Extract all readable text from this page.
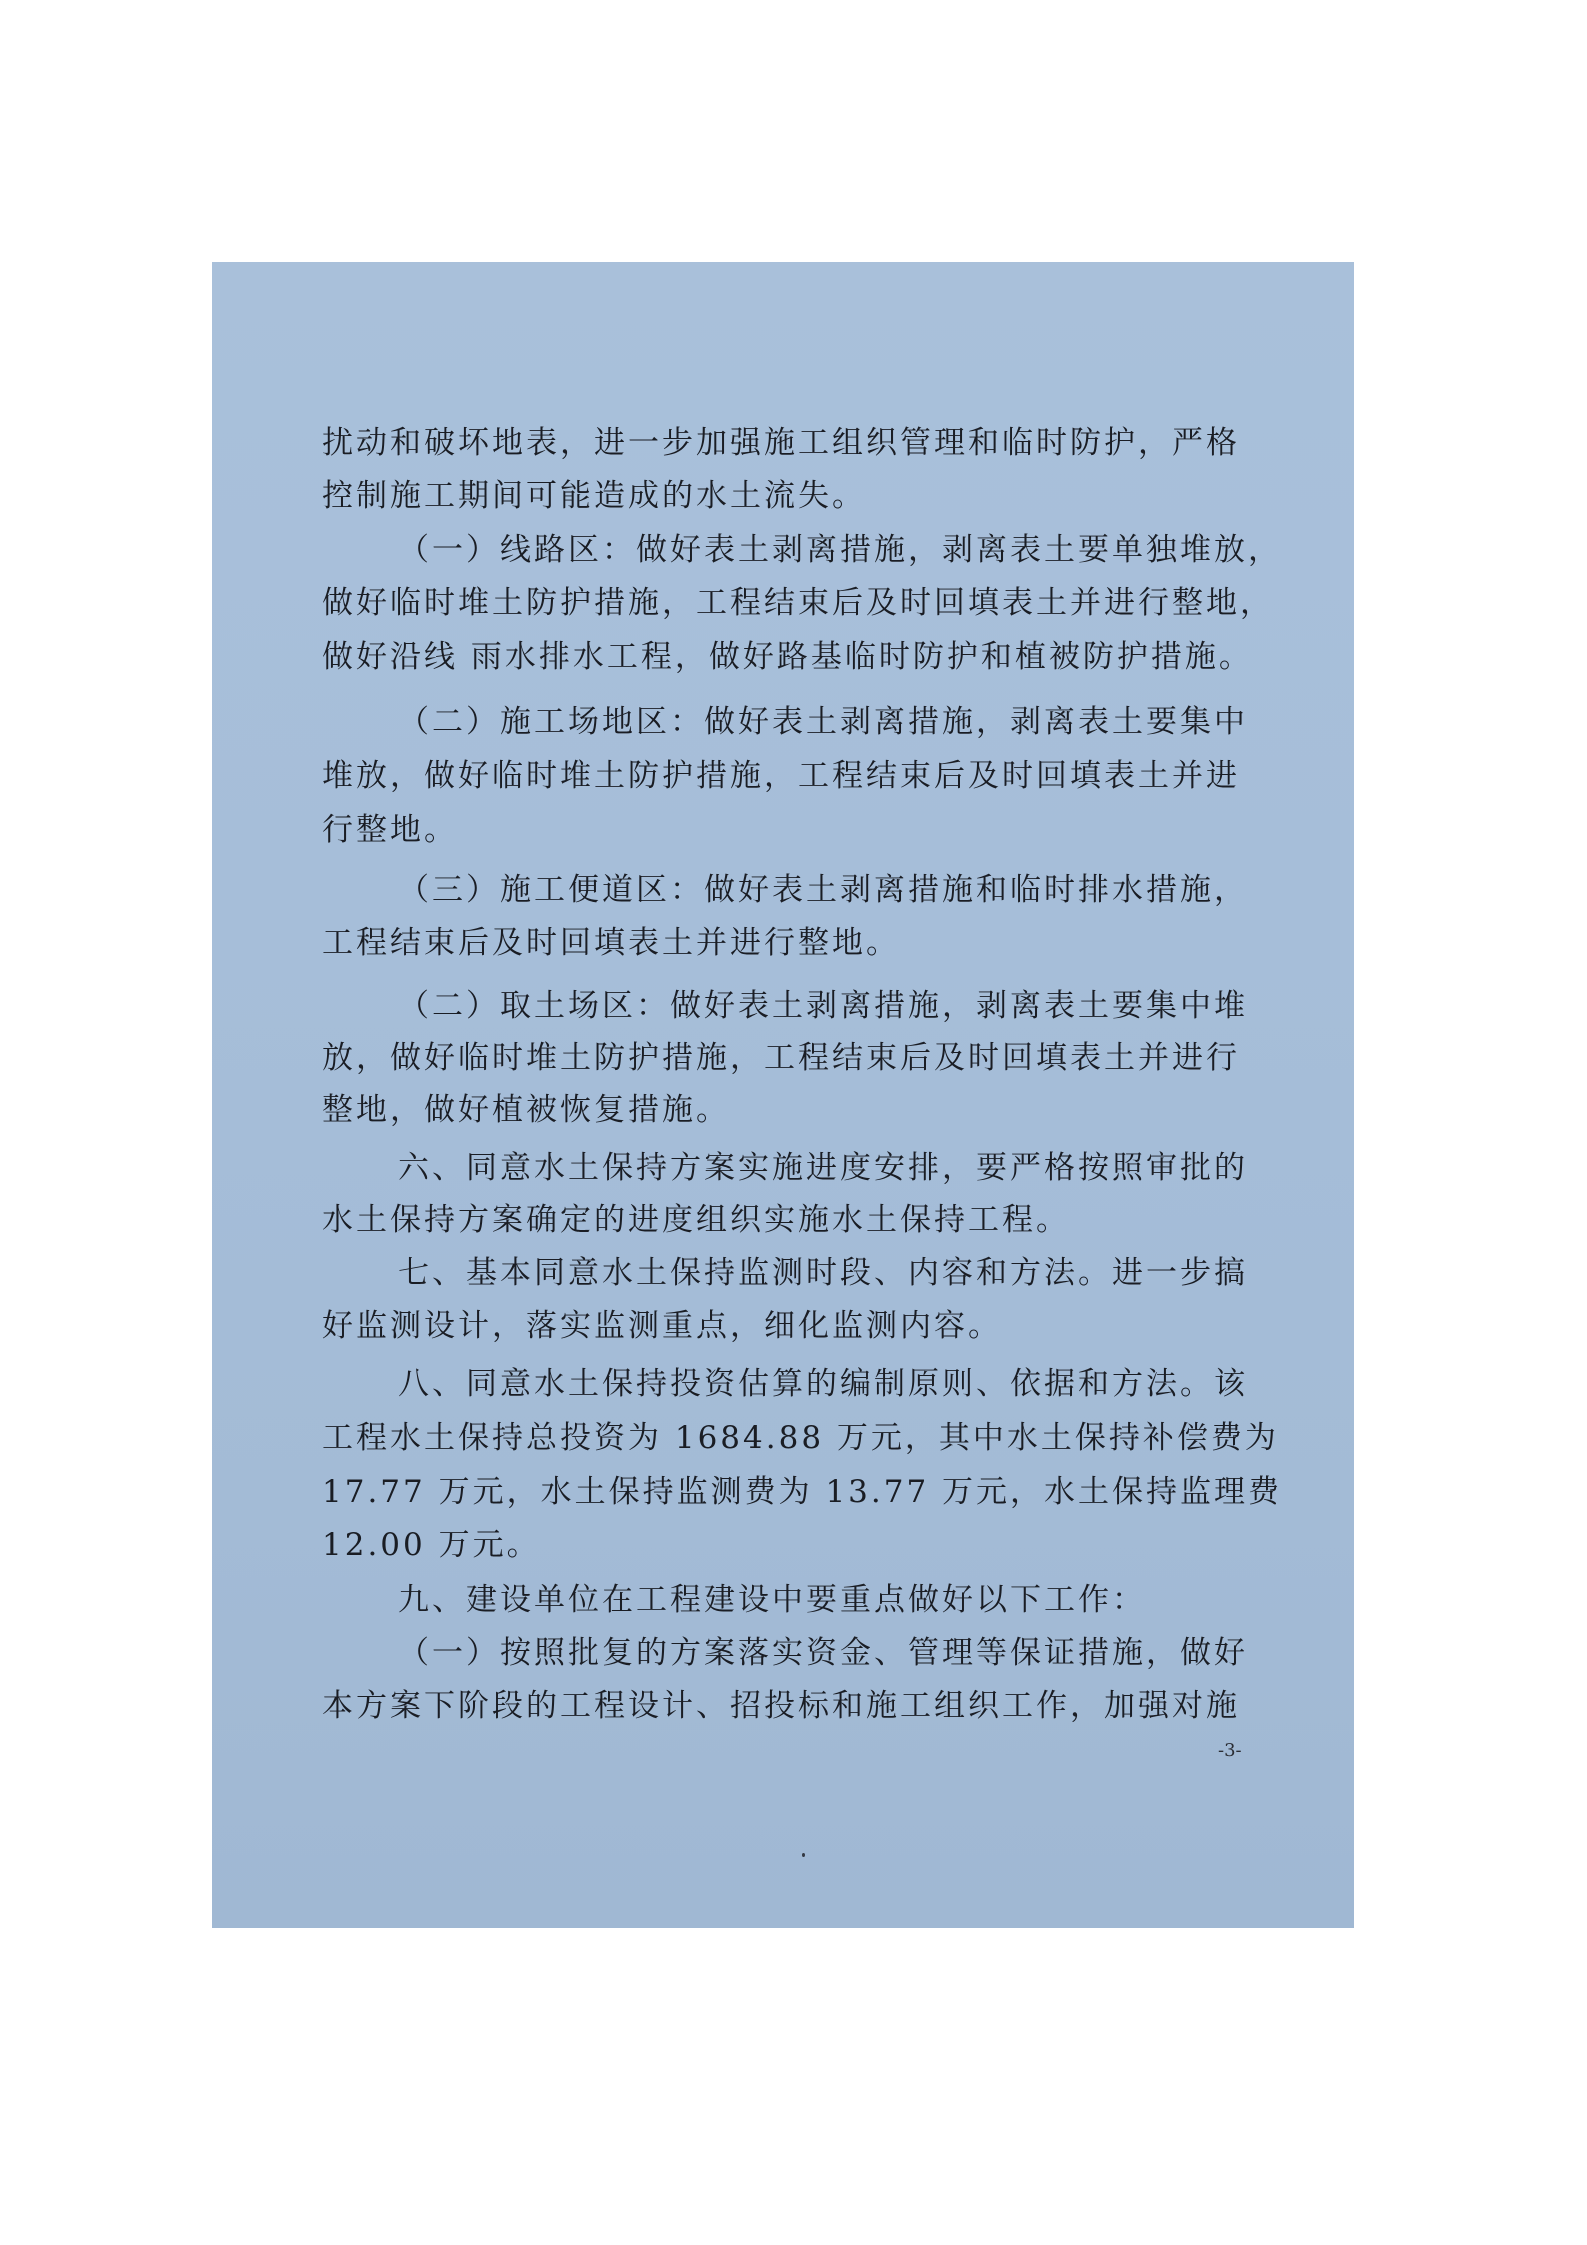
扰动和破坏地表，进一步加强施工组织管理和临时防护，严格
控制施工期间可能造成的水土流失。
（一）线路区：做好表土剥离措施，剥离表土要单独堆放，
做好临时堆土防护措施，工程结束后及时回填表土并进行整地，
做好沿线 雨水排水工程，做好路基临时防护和植被防护措施。
（二）施工场地区：做好表土剥离措施，剥离表土要集中
堆放，做好临时堆土防护措施，工程结束后及时回填表土并进
行整地。
（三）施工便道区：做好表土剥离措施和临时排水措施，
工程结束后及时回填表土并进行整地。
（二）取土场区：做好表土剥离措施，剥离表土要集中堆
放，做好临时堆土防护措施，工程结束后及时回填表土并进行
整地，做好植被恢复措施。
六、同意水土保持方案实施进度安排，要严格按照审批的
水土保持方案确定的进度组织实施水土保持工程。
七、基本同意水土保持监测时段、内容和方法。进一步搞
好监测设计，落实监测重点，细化监测内容。
八、同意水土保持投资估算的编制原则、依据和方法。该
工程水土保持总投资为 1684.88 万元，其中水土保持补偿费为
17.77 万元，水土保持监测费为 13.77 万元，水土保持监理费
12.00 万元。
九、建设单位在工程建设中要重点做好以下工作：
（一）按照批复的方案落实资金、管理等保证措施，做好
本方案下阶段的工程设计、招投标和施工组织工作，加强对施
-3-
